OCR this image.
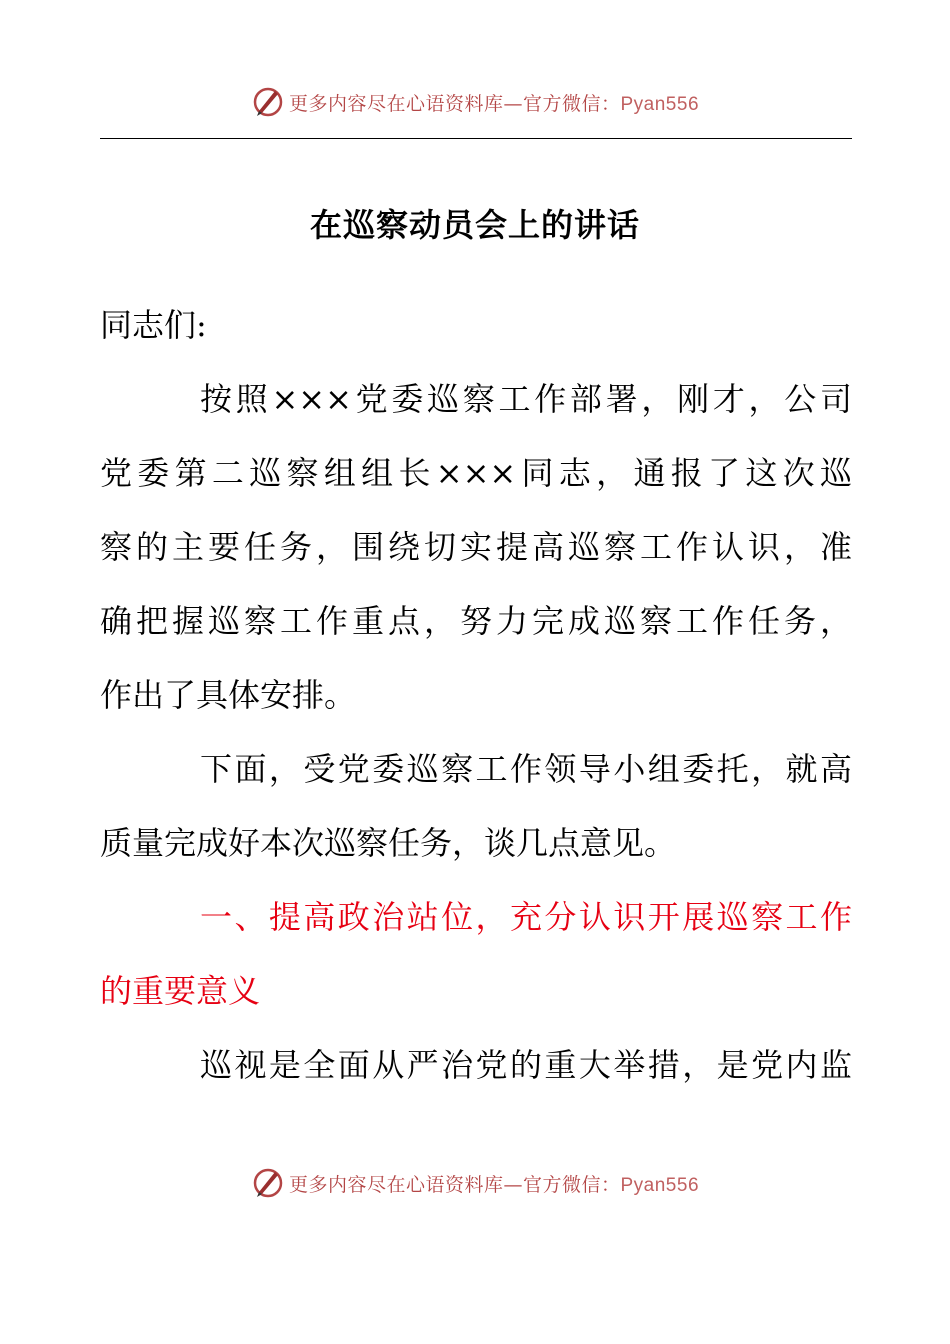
更多内容尽在心语资料库—官方微信：Pyan556
在巡察动员会上的讲话

同志们:

按照×××党委巡察工作部署，刚才，公司
党委第二巡察组组长×××同志，通报了这次巡
察的主要任务，围绕切实提高巡察工作认识，准
确把握巡察工作重点，努力完成巡察工作任务，
作出了具体安排。

下面，受党委巡察工作领导小组委托，就高
质量完成好本次巡察任务，谈几点意见。

一、提高政治站位，充分认识开展巡察工作
的重要意义

巡视是全面从严治党的重大举措，是党内监

更多内容尽在心语资料库—官方微信：Pyan556
